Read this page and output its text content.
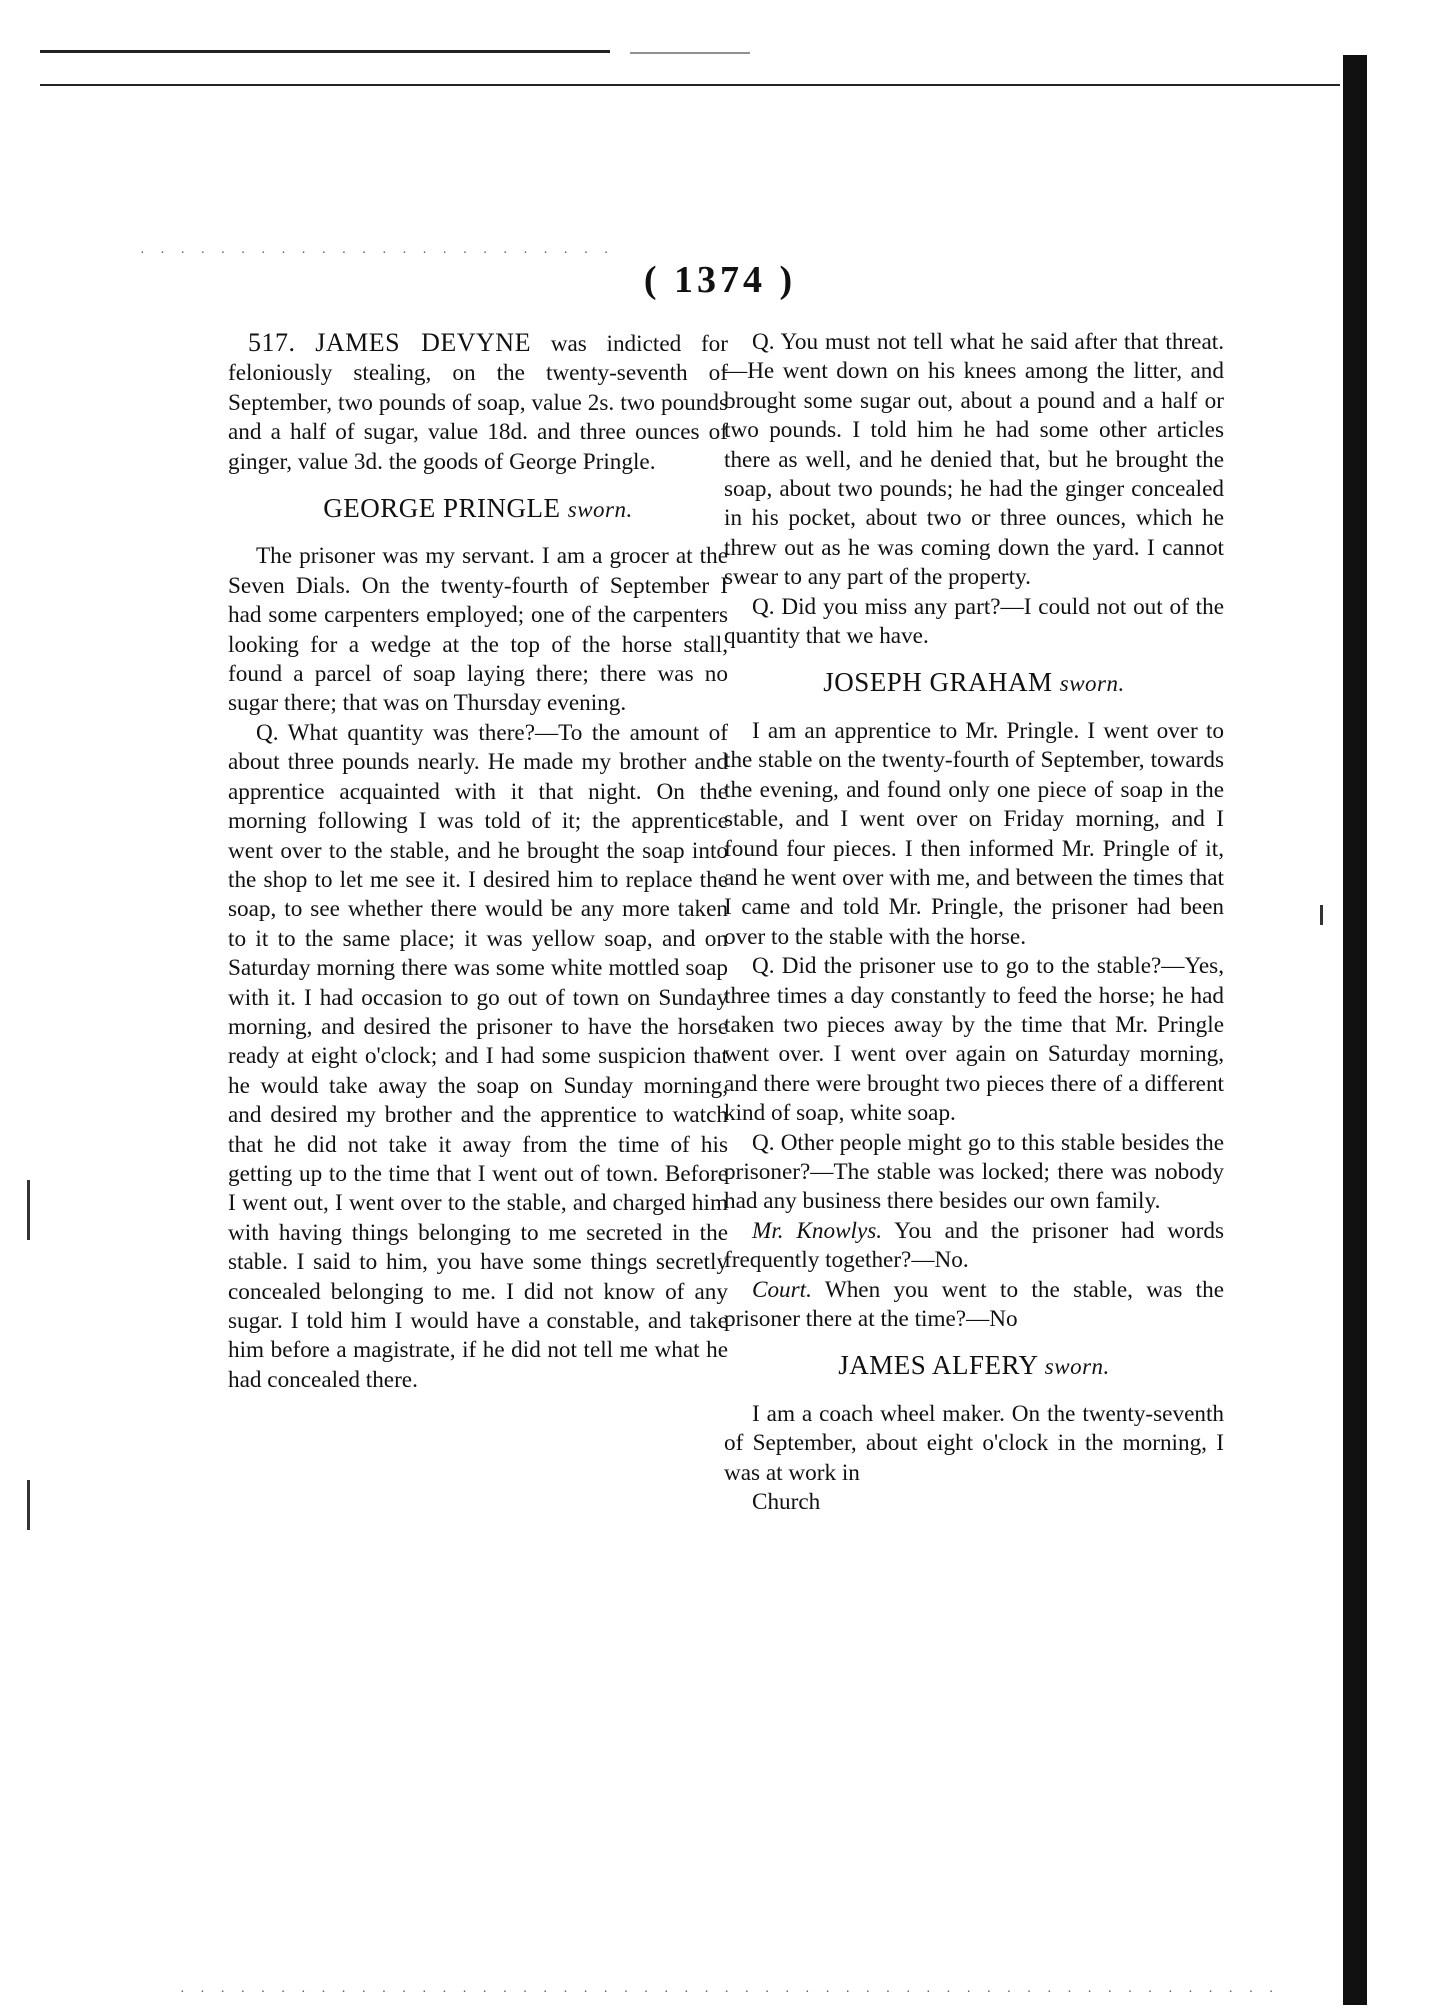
· · · · · · · · · · · · · · · · · · · · · · · ·
· · · · · · · · · · · · · · · · · · · · · · · · · · · · · · · · · · · · · · · · · · · · · · · · · · · · · · ·
( 1374 )

517. JAMES DEVYNE was indicted for feloniously stealing, on the twenty-seventh of September, two pounds of soap, value 2s. two pounds and a half of sugar, value 18d. and three ounces of ginger, value 3d. the goods of George Pringle.

GEORGE PRINGLE sworn.

The prisoner was my servant. I am a grocer at the Seven Dials. On the twenty-fourth of September I had some carpenters employed; one of the carpenters looking for a wedge at the top of the horse stall, found a parcel of soap laying there; there was no sugar there; that was on Thursday evening.

Q. What quantity was there?—To the amount of about three pounds nearly. He made my brother and apprentice acquainted with it that night. On the morning following I was told of it; the apprentice went over to the stable, and he brought the soap into the shop to let me see it. I desired him to replace the soap, to see whether there would be any more taken to it to the same place; it was yellow soap, and on Saturday morning there was some white mottled soap with it. I had occasion to go out of town on Sunday morning, and desired the prisoner to have the horse ready at eight o'clock; and I had some suspicion that he would take away the soap on Sunday morning, and desired my brother and the apprentice to watch that he did not take it away from the time of his getting up to the time that I went out of town. Before I went out, I went over to the stable, and charged him with having things belonging to me secreted in the stable. I said to him, you have some things secretly concealed belonging to me. I did not know of any sugar. I told him I would have a constable, and take him before a magistrate, if he did not tell me what he had concealed there.

Q. You must not tell what he said after that threat.—He went down on his knees among the litter, and brought some sugar out, about a pound and a half or two pounds. I told him he had some other articles there as well, and he denied that, but he brought the soap, about two pounds; he had the ginger concealed in his pocket, about two or three ounces, which he threw out as he was coming down the yard. I cannot swear to any part of the property.

Q. Did you miss any part?—I could not out of the quantity that we have.

JOSEPH GRAHAM sworn.

I am an apprentice to Mr. Pringle. I went over to the stable on the twenty-fourth of September, towards the evening, and found only one piece of soap in the stable, and I went over on Friday morning, and I found four pieces. I then informed Mr. Pringle of it, and he went over with me, and between the times that I came and told Mr. Pringle, the prisoner had been over to the stable with the horse.

Q. Did the prisoner use to go to the stable?—Yes, three times a day constantly to feed the horse; he had taken two pieces away by the time that Mr. Pringle went over. I went over again on Saturday morning, and there were brought two pieces there of a different kind of soap, white soap.

Q. Other people might go to this stable besides the prisoner?—The stable was locked; there was nobody had any business there besides our own family.

Mr. Knowlys. You and the prisoner had words frequently together?—No.

Court. When you went to the stable, was the prisoner there at the time?—No

JAMES ALFERY sworn.

I am a coach wheel maker. On the twenty-seventh of September, about eight o'clock in the morning, I was at work in

Church
